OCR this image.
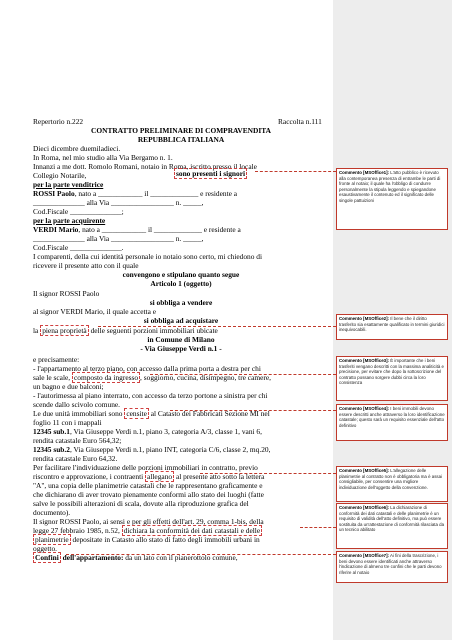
Repertorio n.222	Raccolta n.111
CONTRATTO PRELIMINARE DI COMPRAVENDITA
REPUBBLICA ITALIANA
Dieci dicembre duemiladieci.
In Roma, nel mio studio alla Via Bergamo n. 1.
Innanzi a me dott. Romolo Romani, notaio in Roma, iscritto presso il locale
Collegio Notarile,	sono presenti i signori
per la parte venditrice
ROSSI Paolo, nato a ____________ il _____________ e residente a
______________ alla Via _________________ n. _____,
Cod.Fiscale ______________;
per la parte acquirente
VERDI Mario, nato a ____________ il _____________ e residente a
______________ alla Via _________________ n. _____,
Cod.Fiscale ______________.
I comparenti, della cui identità personale io notaio sono certo, mi chiedono di
ricevere il presente atto con il quale
convengono e stipulano quanto segue
Articolo 1 (oggetto)
Il signor ROSSI Paolo
si obbliga a vendere
al signor VERDI Mario, il quale accetta e
si obbliga ad acquistare
la piena proprietà delle seguenti porzioni immobiliari ubicate
in Comune di Milano
- Via Giuseppe Verdi n.1 -
e precisamente:
- l'appartamento al terzo piano, con accesso dalla prima porta a destra per chi
sale le scale, composto da ingresso , soggiorno, cucina, disimpegno, tre camere,
un bagno e due balconi;
- l'autorimessa al piano interrato, con accesso da terzo portone a sinistra per chi
scende dallo scivolo comune.
Le due unità immobiliari sono censite al Catasto dei Fabbricati Sezione MI nel
foglio 11 con i mappali
12345 sub.1, Via Giuseppe Verdi n.1, piano 3, categoria A/3, classe 1, vani 6,
rendita catastale Euro 564,32;
12345 sub.2, Via Giuseppe Verdi n.1, piano INT, categoria C/6, classe 2, mq.20,
rendita catastale Euro 64,32.
Per facilitare l'individuazione delle porzioni immobiliari in contratto, previo
riscontro e approvazione, i contraenti allegano al presente atto sotto la lettera
"A", una copia delle planimetrie catastali che le rappresentano graficamente e
che dichiarano di aver trovato pienamente conformi allo stato dei luoghi (fatte
salve le possibili alterazioni di scala, dovute alla riproduzione grafica del
documento).
Il signor ROSSI Paolo, ai sensi e per gli effetti dell'art. 29, comma 1-bis, della
legge 27 febbraio 1985, n.52, dichiara la conformità dei dati catastali e delle
planimetrie depositate in Catasto allo stato di fatto degli immobili urbani in
oggetto.
Confini dell'appartamento: da un lato con il pianerottolo comune,
Commento [MSOffice1]: L'atto pubblico è ricevuto alla contemporanea presenza di entrambe le parti di fronte al notaio; il quale ha l'obbligo di condurre personalmente la stipula leggendo e spiegandone esaustivamente il contenuto ed il significato delle singole pattuizioni
Commento [MSOffice2]: Il bene che il diritto trasferito sia esattamente qualificato in termini giuridici inequivocabili.
Commento [MSOffice3]: È importante che i beni trasferiti vengano descritti con la massima analiticità e precisione, per evitare che dopo la sottoscrizione del contratto possano sorgere dubbi circa la loro consistenza
Commento [MSOffice4]: I beni immobili devono essere descritti anche attraverso la loro identificazione catastale; questo sarà un requisito essenziale dell'atto definitivo
Commento [MSOffice5]: L'allegazione delle planimetrie al contratto non è obbligatoria ma è assai consigliabile, per consentire una migliore individuazione dell'oggetto della convenzione.
Commento [MSOffice6]: La dichiarazione di conformità dei dati catastali e delle planimetrie è un requisito di validità dell'atto definitivo, ma può essere sostituita da un'attestazione di conformità rilasciata da un tecnico abilitato
Commento [MSOffice7]: Ai fini della trascrizione, i beni devono essere identificati anche attraverso l'indicazione di almeno tre confini che le parti devono riferire al notaio
